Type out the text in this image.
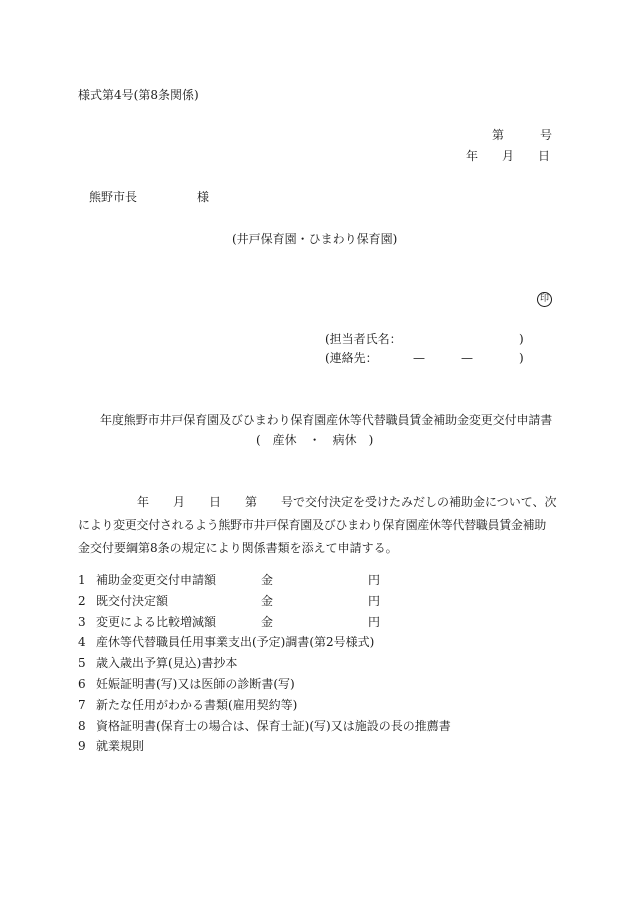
様式第4号(第8条関係)
第　　　号
年　　月　　日
熊野市長　　　　　様
(井戸保育園・ひまわり保育園)
印
(担当者氏名：	)
(連絡先：	—	—	)
年度熊野市井戸保育園及びひまわり保育園産休等代替職員賃金補助金変更交付申請書
(　産休　・　病休　)
年　　月　　日　　第　　号で交付決定を受けたみだしの補助金について、次
により変更交付されるよう熊野市井戸保育園及びひまわり保育園産休等代替職員賃金補助
金交付要綱第8条の規定により関係書類を添えて申請する。
1 補助金変更交付申請額	金	円
2 既交付決定額	金	円
3 変更による比較増減額	金	円
4 産休等代替職員任用事業支出(予定)調書(第2号様式)
5 歳入歳出予算(見込)書抄本
6 妊娠証明書(写)又は医師の診断書(写)
7 新たな任用がわかる書類(雇用契約等)
8 資格証明書(保育士の場合は、保育士証)(写)又は施設の長の推薦書
9 就業規則
